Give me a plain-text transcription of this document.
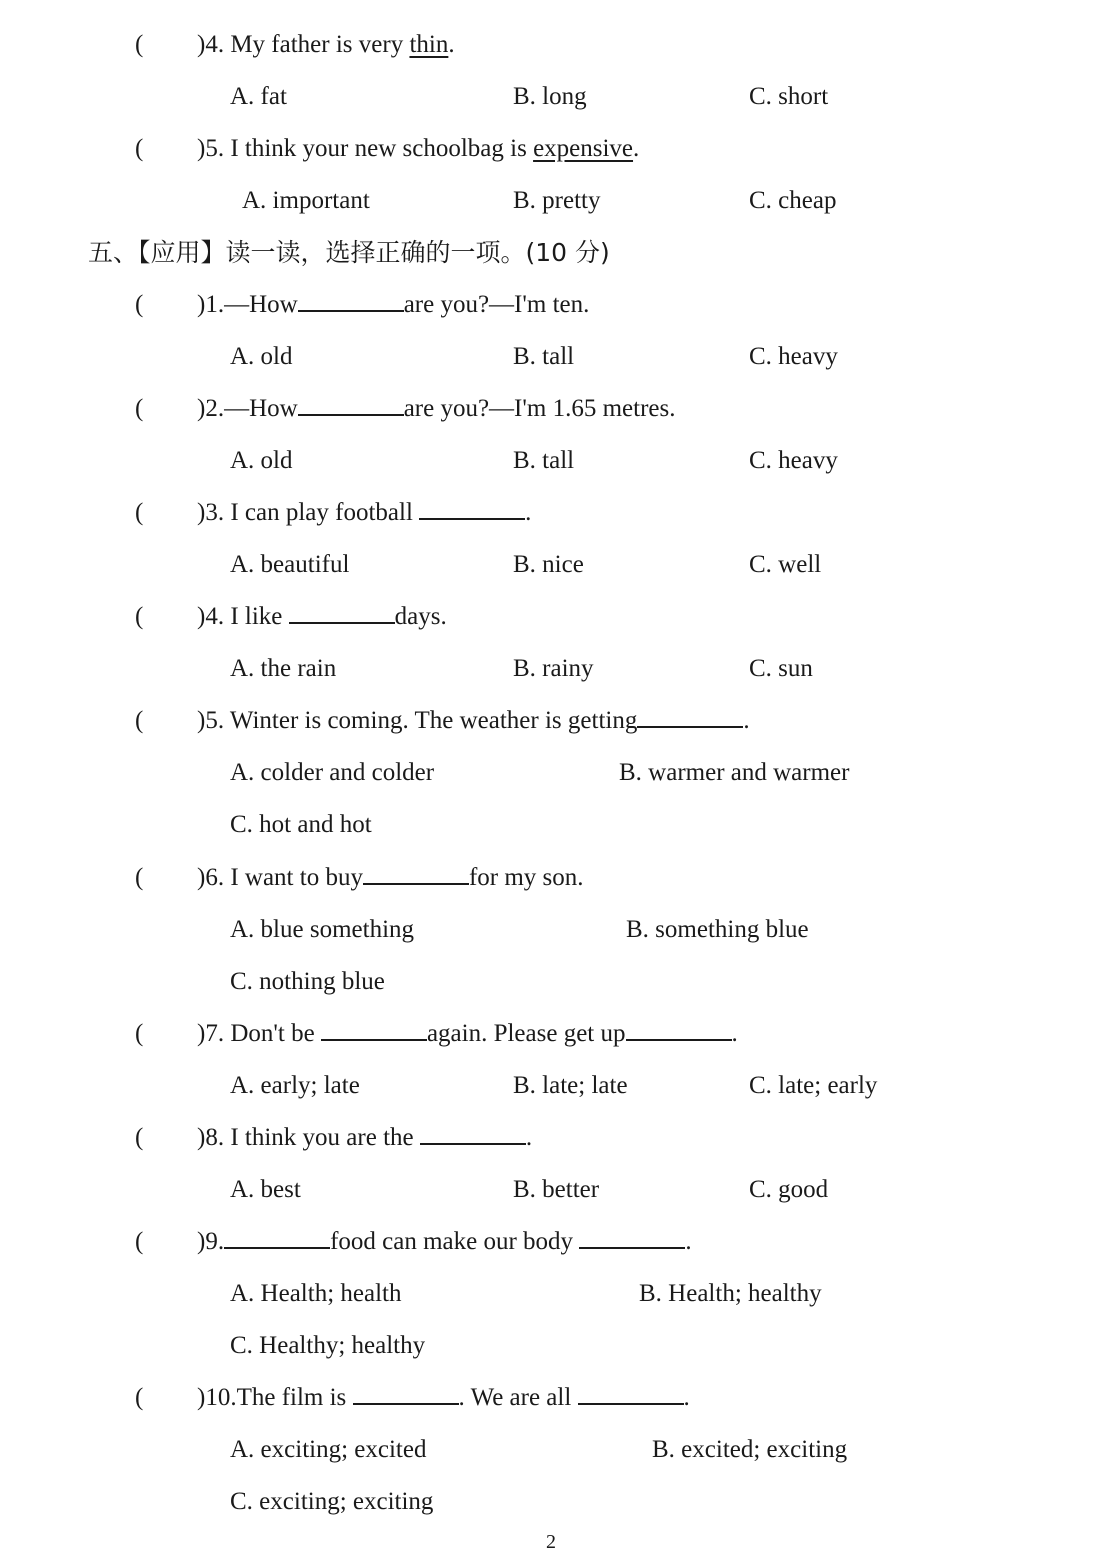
( )4. My father is very thin.
A. fat	B. long	C. short
( )5. I think your new schoolbag is expensive.
A. important	B. pretty	C. cheap
五、【应用】读一读，选择正确的一项。(10 分)
( )1.—How	are you?—I'm ten.
A. old	B. tall	C. heavy
( )2.—How	are you?—I'm 1.65 metres.
A. old	B. tall	C. heavy
( )3. I can play football	.
A. beautiful	B. nice	C. well
( )4. I like	days.
A. the rain	B. rainy	C. sun
( )5. Winter is coming. The weather is getting	.
A. colder and colder	B. warmer and warmer
C. hot and hot
( )6. I want to buy	for my son.
A. blue something	B. something blue
C. nothing blue
( )7. Don't be	again. Please get up	.
A. early; late	B. late; late	C. late; early
( )8. I think you are the	.
A. best	B. better	C. good
( )9.	food can make our body	.
A. Health; health	B. Health; healthy
C. Healthy; healthy
( )10.The film is	. We are all	.
A. exciting; excited	B. excited; exciting
C. exciting; exciting
2
